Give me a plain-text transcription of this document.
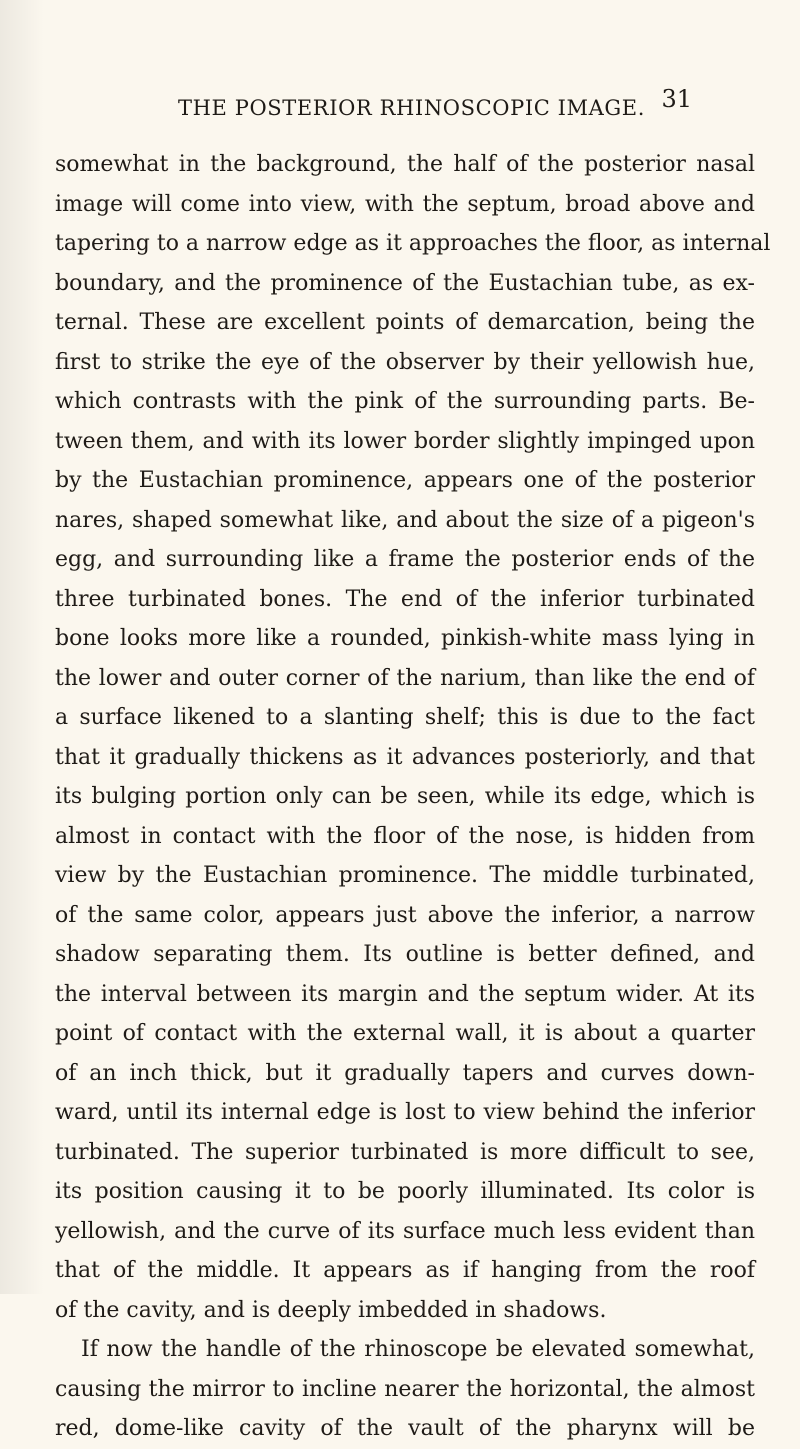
THE POSTERIOR RHINOSCOPIC IMAGE. 31
somewhat in the background, the half of the posterior nasal
image will come into view, with the septum, broad above and
tapering to a narrow edge as it approaches the floor, as internal
boundary, and the prominence of the Eustachian tube, as ex-
ternal. These are excellent points of demarcation, being the
first to strike the eye of the observer by their yellowish hue,
which contrasts with the pink of the surrounding parts. Be-
tween them, and with its lower border slightly impinged upon
by the Eustachian prominence, appears one of the posterior
nares, shaped somewhat like, and about the size of a pigeon's
egg, and surrounding like a frame the posterior ends of the
three turbinated bones. The end of the inferior turbinated
bone looks more like a rounded, pinkish-white mass lying in
the lower and outer corner of the narium, than like the end of
a surface likened to a slanting shelf; this is due to the fact
that it gradually thickens as it advances posteriorly, and that
its bulging portion only can be seen, while its edge, which is
almost in contact with the floor of the nose, is hidden from
view by the Eustachian prominence. The middle turbinated,
of the same color, appears just above the inferior, a narrow
shadow separating them. Its outline is better defined, and
the interval between its margin and the septum wider. At its
point of contact with the external wall, it is about a quarter
of an inch thick, but it gradually tapers and curves down-
ward, until its internal edge is lost to view behind the inferior
turbinated. The superior turbinated is more difficult to see,
its position causing it to be poorly illuminated. Its color is
yellowish, and the curve of its surface much less evident than
that of the middle. It appears as if hanging from the roof
of the cavity, and is deeply imbedded in shadows.
If now the handle of the rhinoscope be elevated somewhat,
causing the mirror to incline nearer the horizontal, the almost
red, dome-like cavity of the vault of the pharynx will be
